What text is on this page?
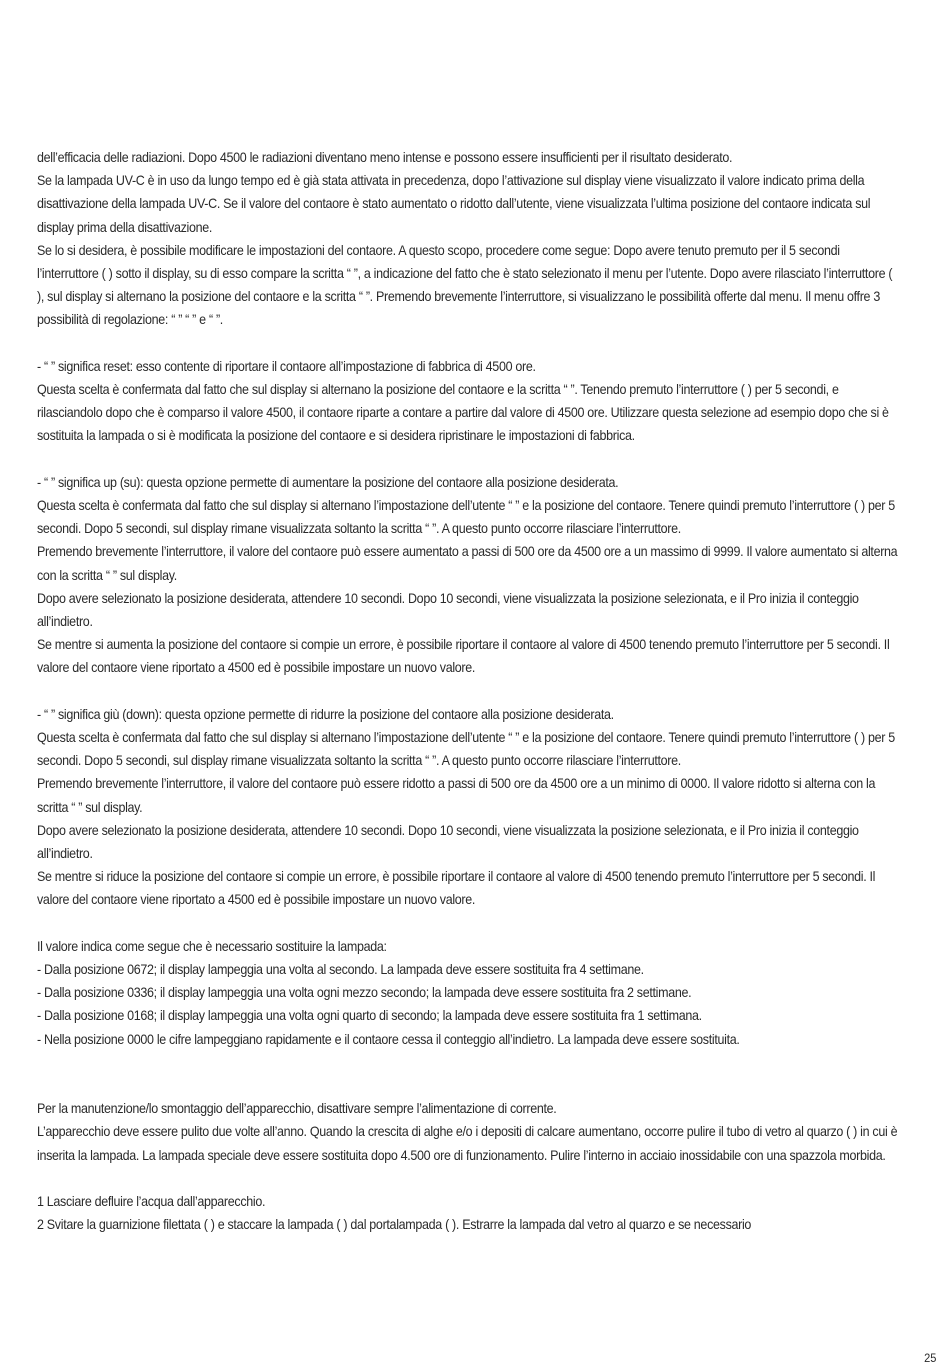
dell’efficacia delle radiazioni. Dopo 4500 le radiazioni diventano meno intense e possono essere insufficienti per il risultato desiderato.

Se la lampada UV-C è in uso da lungo tempo ed è già stata attivata in precedenza, dopo l’attivazione sul display viene visualizzato il valore indicato prima della disattivazione della lampada UV-C. Se il valore del contaore è stato aumentato o ridotto dall’utente, viene visualizzata l’ultima posizione del contaore indicata sul display prima della disattivazione.

Se lo si desidera, è possibile modificare le impostazioni del contaore. A questo scopo, procedere come segue: Dopo avere tenuto premuto per il 5 secondi l’interruttore ( ) sotto il display, su di esso compare la scritta “ ”, a indicazione del fatto che è stato selezionato il menu per l’utente. Dopo avere rilasciato l’interruttore ( ), sul display si alternano la posizione del contaore e la scritta “ ”. Premendo brevemente l’interruttore, si visualizzano le possibilità offerte dal menu. Il menu offre 3 possibilità di regolazione: “ ” “ ” e “ ”.

- “ ” significa reset: esso contente di riportare il contaore all’impostazione di fabbrica di 4500 ore.

Questa scelta è confermata dal fatto che sul display si alternano la posizione del contaore e la scritta “ ”. Tenendo premuto l’interruttore ( ) per 5 secondi, e rilasciandolo dopo che è comparso il valore 4500, il contaore riparte a contare a partire dal valore di 4500 ore. Utilizzare questa selezione ad esempio dopo che si è sostituita la lampada o si è modificata la posizione del contaore e si desidera ripristinare le impostazioni di fabbrica.

- “ ” significa up (su): questa opzione permette di aumentare la posizione del contaore alla posizione desiderata.

Questa scelta è confermata dal fatto che sul display si alternano l’impostazione dell’utente “ ” e la posizione del contaore. Tenere quindi premuto l’interruttore ( ) per 5 secondi. Dopo 5 secondi, sul display rimane visualizzata soltanto la scritta “ ”. A questo punto occorre rilasciare l’interruttore.

Premendo brevemente l’interruttore, il valore del contaore può essere aumentato a passi di 500 ore da 4500 ore a un massimo di 9999. Il valore aumentato si alterna con la scritta “ ” sul display.

Dopo avere selezionato la posizione desiderata, attendere 10 secondi. Dopo 10 secondi, viene visualizzata la posizione selezionata, e il Pro inizia il conteggio all’indietro.

Se mentre si aumenta la posizione del contaore si compie un errore, è possibile riportare il contaore al valore di 4500 tenendo premuto l’interruttore per 5 secondi. Il valore del contaore viene riportato a 4500 ed è possibile impostare un nuovo valore.

- “ ” significa giù (down): questa opzione permette di ridurre la posizione del contaore alla posizione desiderata.

Questa scelta è confermata dal fatto che sul display si alternano l’impostazione dell’utente “ ” e la posizione del contaore. Tenere quindi premuto l’interruttore ( ) per 5 secondi. Dopo 5 secondi, sul display rimane visualizzata soltanto la scritta “ ”. A questo punto occorre rilasciare l’interruttore.

Premendo brevemente l’interruttore, il valore del contaore può essere ridotto a passi di 500 ore da 4500 ore a un minimo di 0000. Il valore ridotto si alterna con la scritta “ ” sul display.

Dopo avere selezionato la posizione desiderata, attendere 10 secondi. Dopo 10 secondi, viene visualizzata la posizione selezionata, e il Pro inizia il conteggio all’indietro.

Se mentre si riduce la posizione del contaore si compie un errore, è possibile riportare il contaore al valore di 4500 tenendo premuto l’interruttore per 5 secondi. Il valore del contaore viene riportato a 4500 ed è possibile impostare un nuovo valore.

Il valore indica come segue che è necessario sostituire la lampada:

- Dalla posizione 0672; il display lampeggia una volta al secondo. La lampada deve essere sostituita fra 4 settimane.

- Dalla posizione 0336; il display lampeggia una volta ogni mezzo secondo; la lampada deve essere sostituita fra 2 settimane.

- Dalla posizione 0168; il display lampeggia una volta ogni quarto di secondo; la lampada deve essere sostituita fra 1 settimana.

- Nella posizione 0000 le cifre lampeggiano rapidamente e il contaore cessa il conteggio all’indietro. La lampada deve essere sostituita.

Per la manutenzione/lo smontaggio dell’apparecchio, disattivare sempre l’alimentazione di corrente.

L’apparecchio deve essere pulito due volte all’anno. Quando la crescita di alghe e/o i depositi di calcare aumentano, occorre pulire il tubo di vetro al quarzo ( ) in cui è inserita la lampada. La lampada speciale deve essere sostituita dopo 4.500 ore di funzionamento. Pulire l’interno in acciaio inossidabile con una spazzola morbida.

1 Lasciare defluire l’acqua dall’apparecchio.

2 Svitare la guarnizione filettata ( ) e staccare la lampada ( ) dal portalampada ( ). Estrarre la lampada dal vetro al quarzo e se necessario

25
